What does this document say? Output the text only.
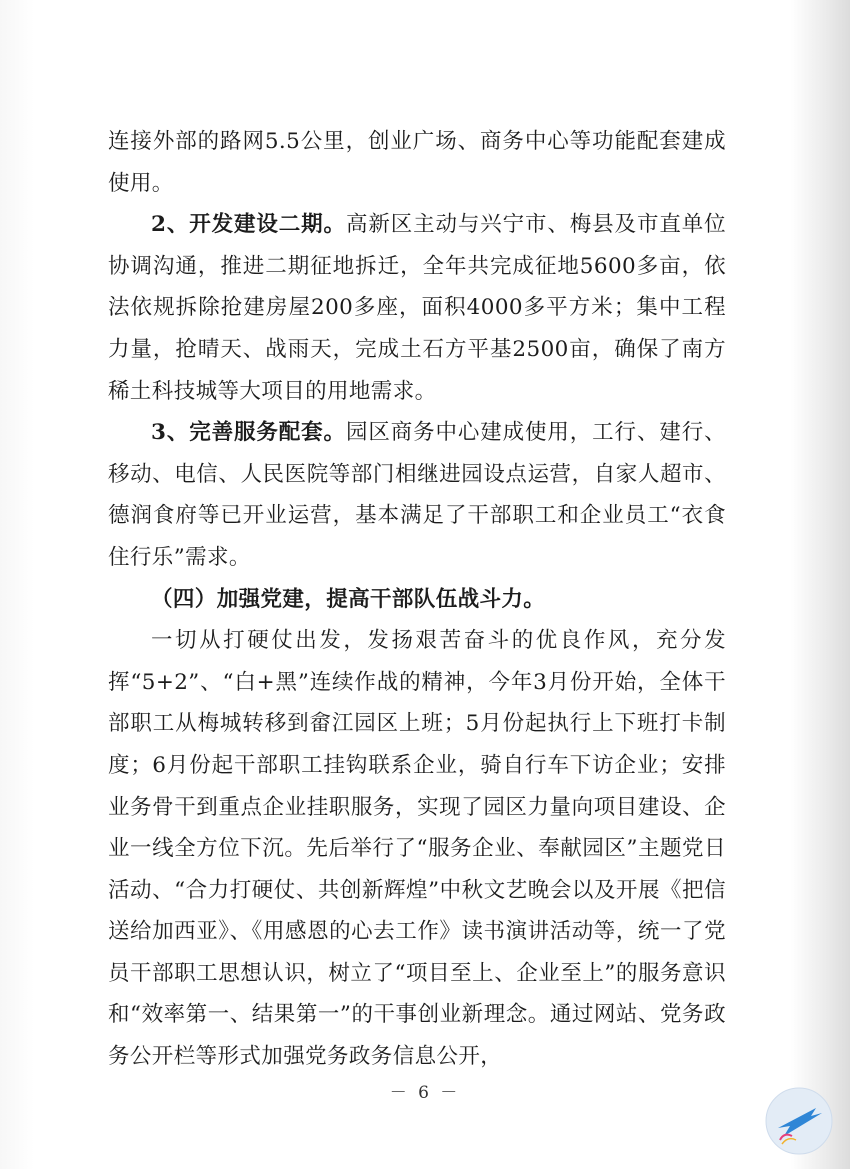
连接外部的路网5.5公里，创业广场、商务中心等功能配套建成使用。

2、开发建设二期。高新区主动与兴宁市、梅县及市直单位协调沟通，推进二期征地拆迁，全年共完成征地5600多亩，依法依规拆除抢建房屋200多座，面积4000多平方米；集中工程力量，抢晴天、战雨天，完成土石方平基2500亩，确保了南方稀土科技城等大项目的用地需求。

3、完善服务配套。园区商务中心建成使用，工行、建行、移动、电信、人民医院等部门相继进园设点运营，自家人超市、德润食府等已开业运营，基本满足了干部职工和企业员工“衣食住行乐”需求。

（四）加强党建，提高干部队伍战斗力。

一切从打硬仗出发，发扬艰苦奋斗的优良作风，充分发挥“5+2”、“白+黑”连续作战的精神，今年3月份开始，全体干部职工从梅城转移到畲江园区上班；5月份起执行上下班打卡制度；6月份起干部职工挂钩联系企业，骑自行车下访企业；安排业务骨干到重点企业挂职服务，实现了园区力量向项目建设、企业一线全方位下沉。先后举行了“服务企业、奉献园区”主题党日活动、“合力打硬仗、共创新辉煌”中秋文艺晚会以及开展《把信送给加西亚》、《用感恩的心去工作》读书演讲活动等，统一了党员干部职工思想认识，树立了“项目至上、企业至上”的服务意识和“效率第一、结果第一”的干事创业新理念。通过网站、党务政务公开栏等形式加强党务政务信息公开，

－ 6 －
